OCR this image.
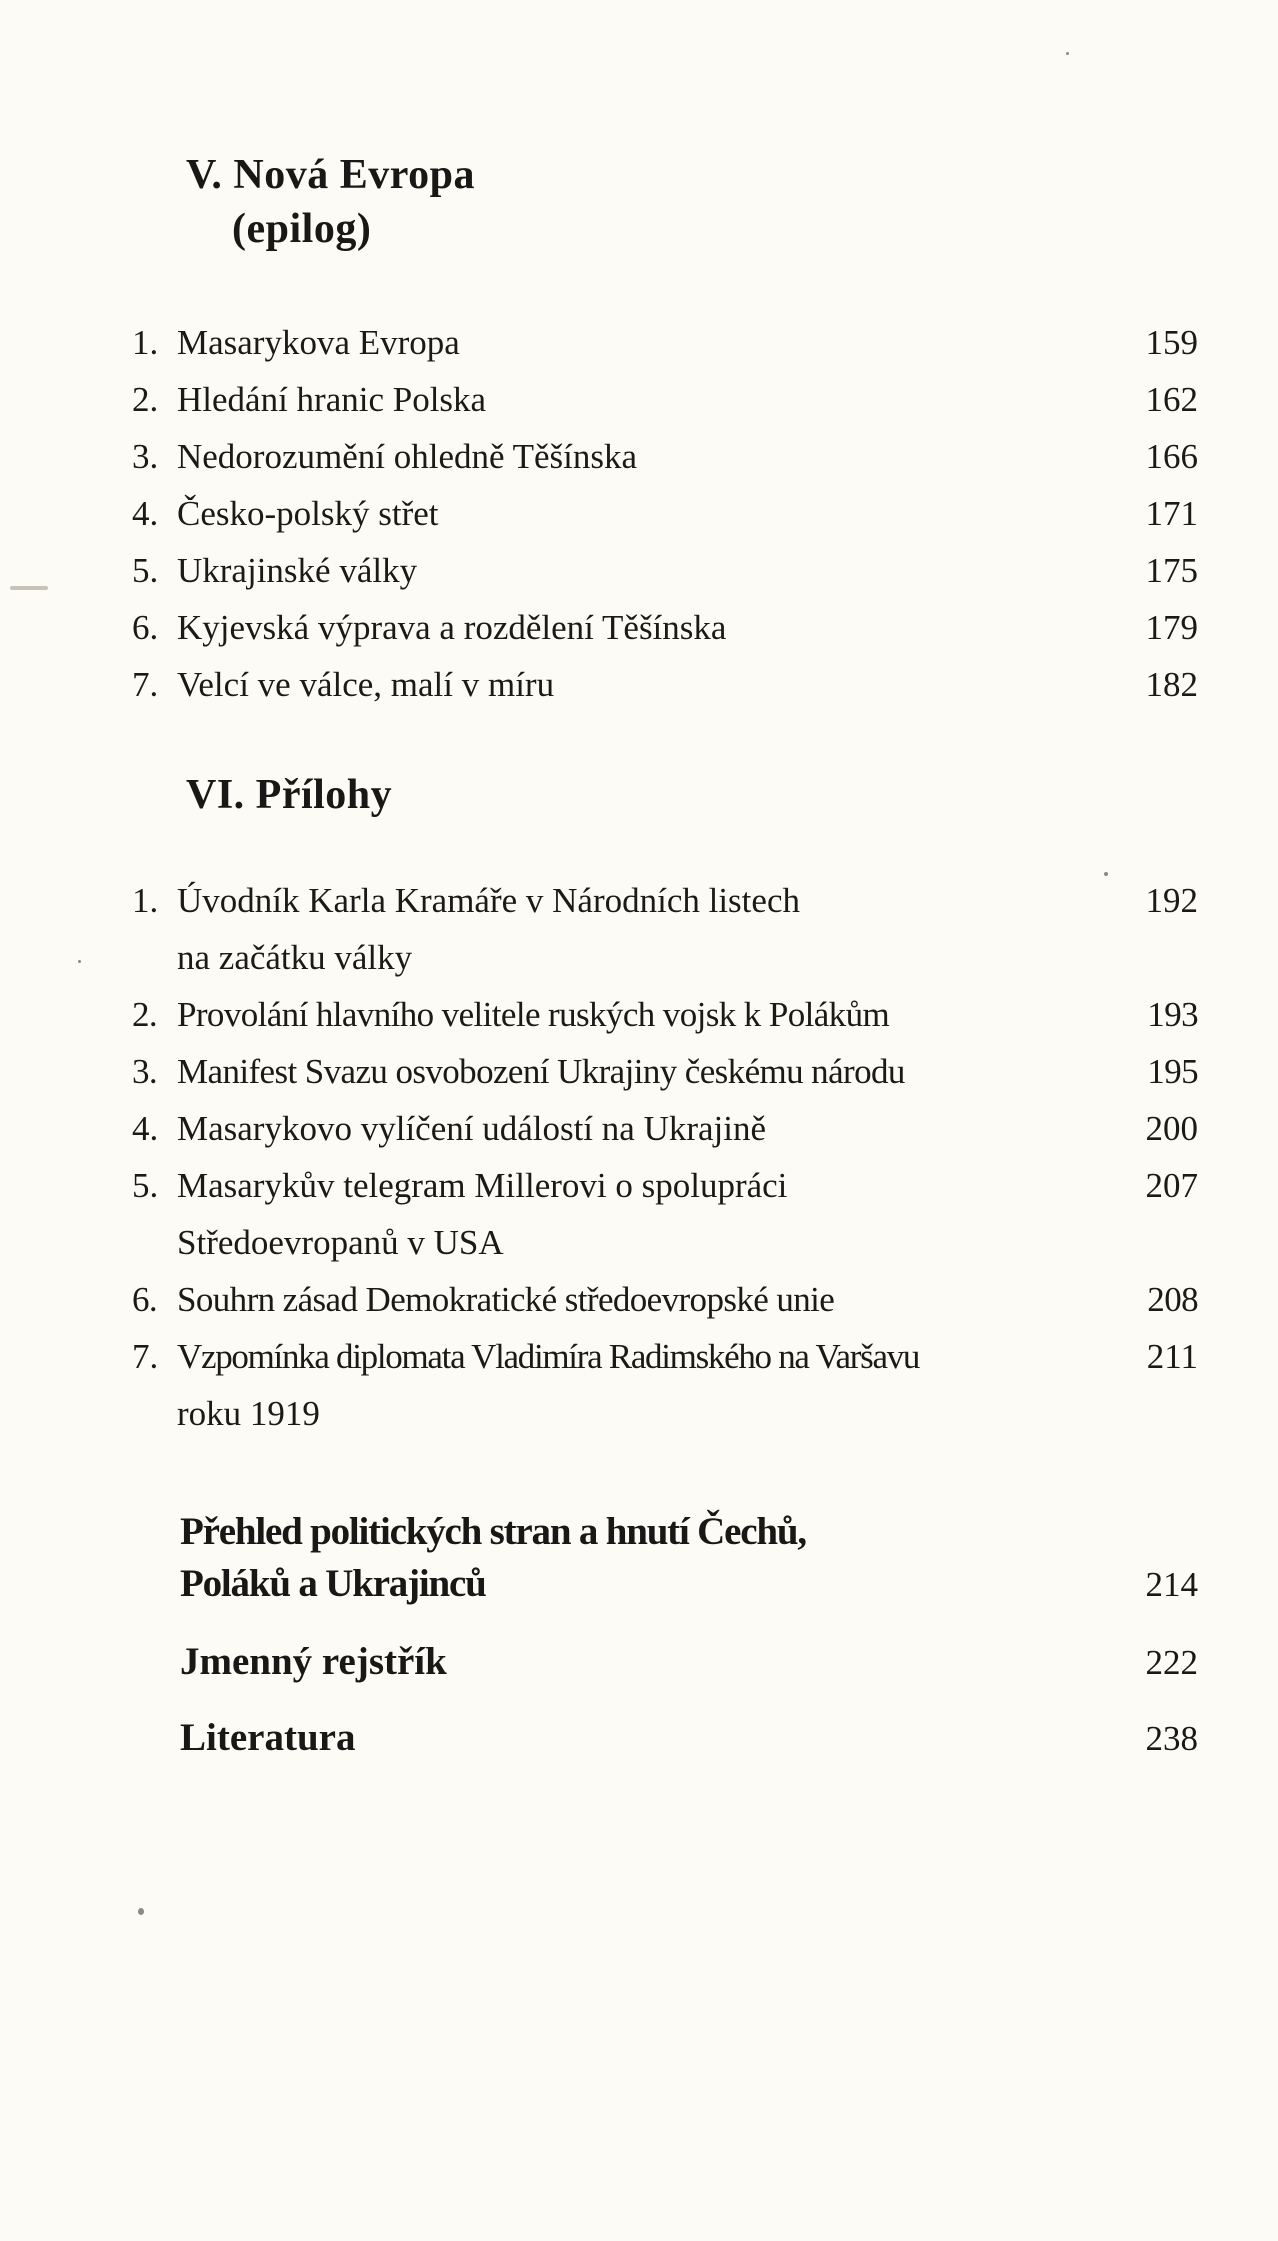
V. Nová Evropa
(epilog)
1. Masarykova Evropa	159
2. Hledání hranic Polska	162
3. Nedorozumění ohledně Těšínska	166
4. Česko-polský střet	171
5. Ukrajinské války	175
6. Kyjevská výprava a rozdělení Těšínska	179
7. Velcí ve válce, malí v míru	182
VI. Přílohy
1. Úvodník Karla Kramáře v Národních listech	192
na začátku války
2. Provolání hlavního velitele ruských vojsk k Polákům	193
3. Manifest Svazu osvobození Ukrajiny českému národu	195
4. Masarykovo vylíčení událostí na Ukrajině	200
5. Masarykův telegram Millerovi o spolupráci	207
Středoevropanů v USA
6. Souhrn zásad Demokratické středoevropské unie	208
7. Vzpomínka diplomata Vladimíra Radimského na Varšavu	211
roku 1919
Přehled politických stran a hnutí Čechů,
Poláků a Ukrajinců	214
Jmenný rejstřík	222
Literatura	238
